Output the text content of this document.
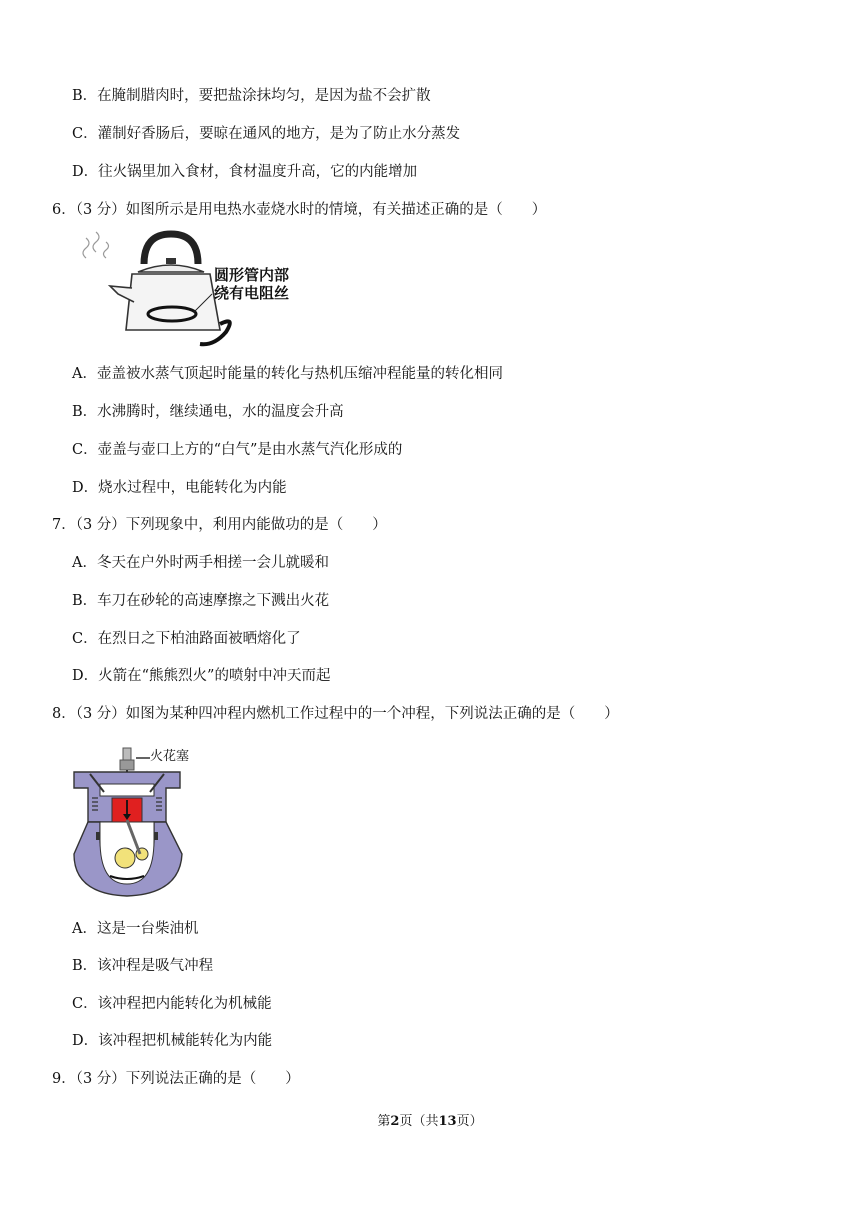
B．在腌制腊肉时，要把盐涂抹均匀，是因为盐不会扩散
C．灌制好香肠后，要晾在通风的地方，是为了防止水分蒸发
D．往火锅里加入食材，食材温度升高，它的内能增加
6．（3 分）如图所示是用电热水壶烧水时的情境，有关描述正确的是（　　）
圆形管内部
绕有电阻丝
A．壶盖被水蒸气顶起时能量的转化与热机压缩冲程能量的转化相同
B．水沸腾时，继续通电，水的温度会升高
C．壶盖与壶口上方的“白气”是由水蒸气汽化形成的
D．烧水过程中，电能转化为内能
7．（3 分）下列现象中，利用内能做功的是（　　）
A．冬天在户外时两手相搓一会儿就暖和
B．车刀在砂轮的高速摩擦之下溅出火花
C．在烈日之下柏油路面被晒熔化了
D．火箭在“熊熊烈火”的喷射中冲天而起
8．（3 分）如图为某种四冲程内燃机工作过程中的一个冲程，下列说法正确的是（　　）
火花塞
A．这是一台柴油机
B．该冲程是吸气冲程
C．该冲程把内能转化为机械能
D．该冲程把机械能转化为内能
9．（3 分）下列说法正确的是（　　）
第2页（共13页）
